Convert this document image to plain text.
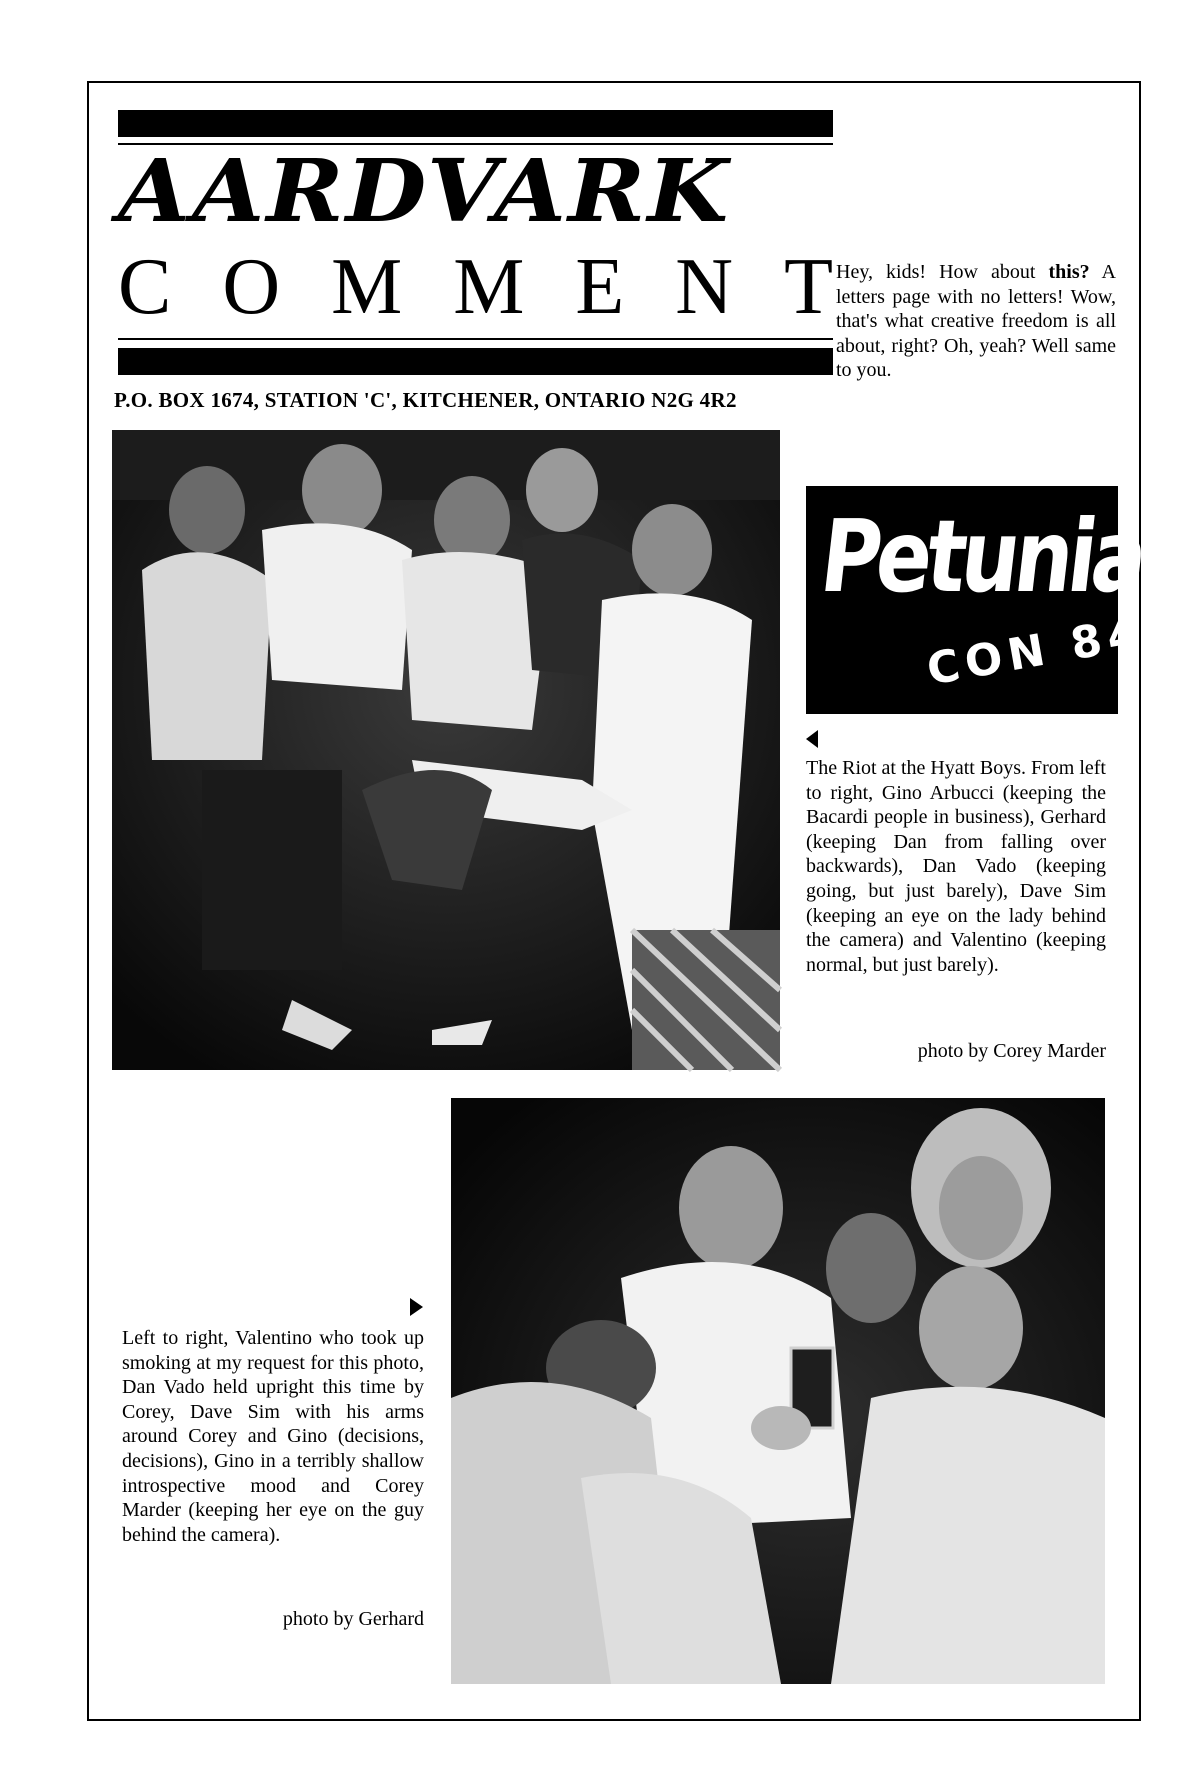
AARDVARK
C O M M E N T
P.O. BOX 1674, STATION 'C', KITCHENER, ONTARIO N2G 4R2
Hey, kids! How about this? A letters page with no letters! Wow, that's what creative freedom is all about, right? Oh, yeah? Well same to you.
Petunia
CON 84
The Riot at the Hyatt Boys. From left to right, Gino Arbucci (keeping the Bacardi people in business), Gerhard (keeping Dan from falling over backwards), Dan Vado (keeping going, but just barely), Dave Sim (keeping an eye on the lady behind the camera) and Valentino (keeping normal, but just barely).
photo by Corey Marder
Left to right, Valentino who took up smoking at my request for this photo, Dan Vado held upright this time by Corey, Dave Sim with his arms around Corey and Gino (decisions, decisions), Gino in a terribly shallow introspective mood and Corey Marder (keeping her eye on the guy behind the camera).
photo by Gerhard
